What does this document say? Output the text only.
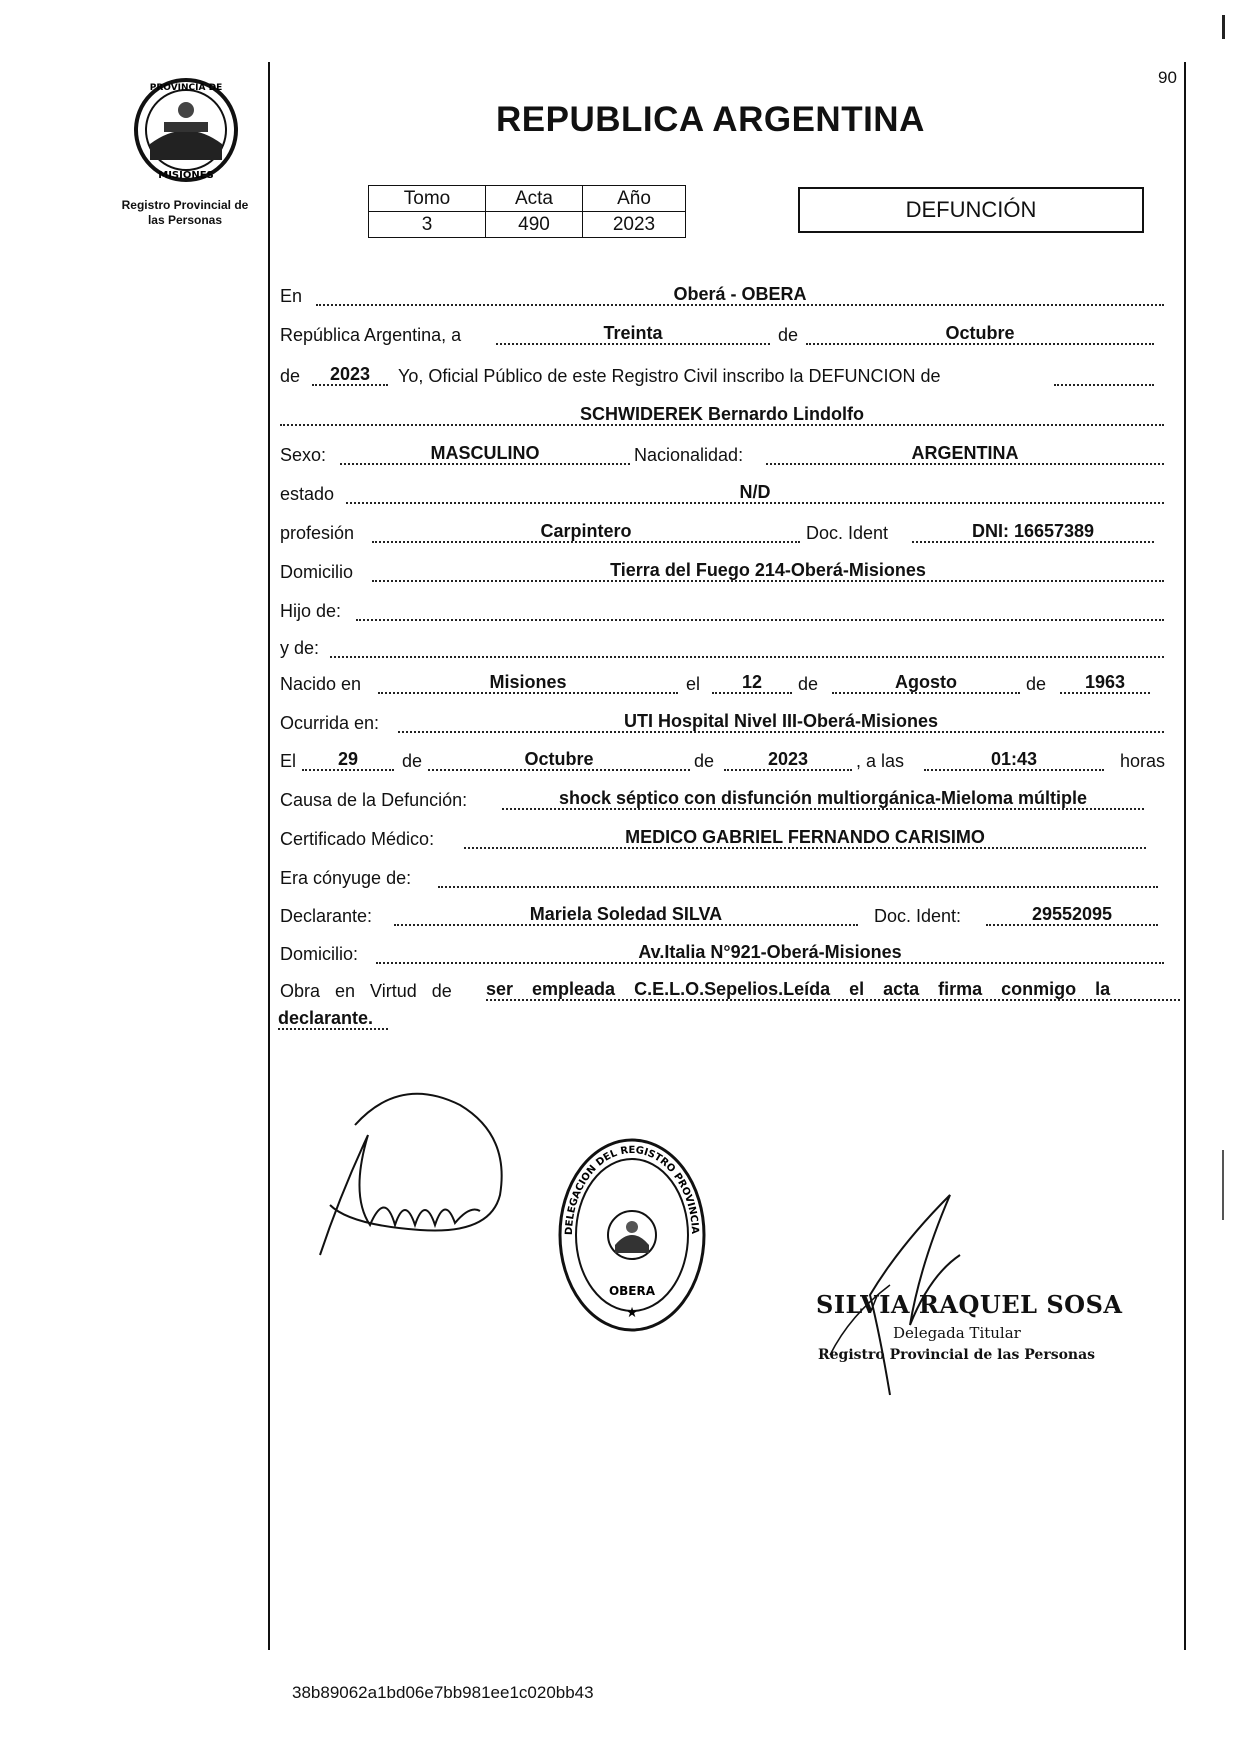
90
PROVINCIA DE
MISIONES
Registro Provincial de
las Personas
REPUBLICA ARGENTINA
Tomo	Acta	Año
3	490	2023
DEFUNCIÓN
En	Oberá - OBERA
República Argentina, a	Treinta	de	Octubre
de	2023	Yo, Oficial Público de este Registro Civil inscribo la DEFUNCION de
SCHWIDEREK Bernardo Lindolfo
Sexo:	MASCULINO	Nacionalidad:	ARGENTINA
estado	N/D
profesión	Carpintero	Doc. Ident	DNI: 16657389
Domicilio	Tierra del Fuego 214-Oberá-Misiones
Hijo de:
y de:
Nacido en	Misiones	el	12	de	Agosto	de	1963
Ocurrida en:	UTI Hospital Nivel III-Oberá-Misiones
El	29	de	Octubre	de	2023	, a las	01:43	horas
Causa de la Defunción:	shock séptico con disfunción multiorgánica-Mieloma múltiple
Certificado Médico:	MEDICO GABRIEL FERNANDO CARISIMO
Era cónyuge de:
Declarante:	Mariela Soledad SILVA	Doc. Ident:	29552095
Domicilio:	Av.Italia N°921-Oberá-Misiones
Obra en Virtud de ser empleada C.E.L.O.Sepelios.Leída el acta firma conmigo la
declarante.
DELEGACION DEL REGISTRO PROVINCIA
OBERA
★	SILVIA RAQUEL SOSA
Delegada Titular
Registro Provincial de las Personas
38b89062a1bd06e7bb981ee1c020bb43
